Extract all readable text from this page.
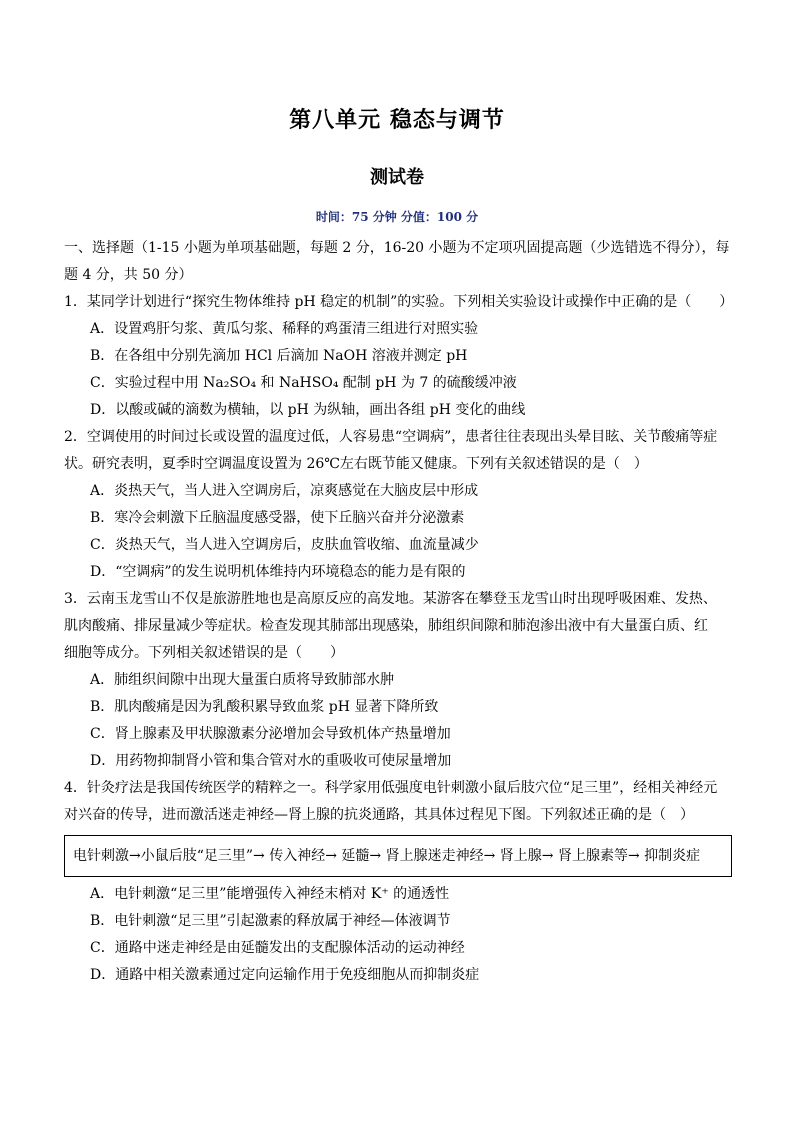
第八单元 稳态与调节
测试卷
时间：75 分钟 分值：100 分
一、选择题（1-15 小题为单项基础题，每题 2 分，16-20 小题为不定项巩固提高题（少选错选不得分），每
题 4 分，共 50 分）
1．某同学计划进行“探究生物体维持 pH 稳定的机制”的实验。下列相关实验设计或操作中正确的是（　　）
A．设置鸡肝匀浆、黄瓜匀浆、稀释的鸡蛋清三组进行对照实验
B．在各组中分别先滴加 HCl 后滴加 NaOH 溶液并测定 pH
C．实验过程中用 Na₂SO₄ 和 NaHSO₄ 配制 pH 为 7 的硫酸缓冲液
D．以酸或碱的滴数为横轴，以 pH 为纵轴，画出各组 pH 变化的曲线
2．空调使用的时间过长或设置的温度过低，人容易患“空调病”，患者往往表现出头晕目眩、关节酸痛等症
状。研究表明，夏季时空调温度设置为 26℃左右既节能又健康。下列有关叙述错误的是（　）
A．炎热天气，当人进入空调房后，凉爽感觉在大脑皮层中形成
B．寒冷会刺激下丘脑温度感受器，使下丘脑兴奋并分泌激素
C．炎热天气，当人进入空调房后，皮肤血管收缩、血流量减少
D．“空调病”的发生说明机体维持内环境稳态的能力是有限的
3．云南玉龙雪山不仅是旅游胜地也是高原反应的高发地。某游客在攀登玉龙雪山时出现呼吸困难、发热、
肌肉酸痛、排尿量减少等症状。检查发现其肺部出现感染，肺组织间隙和肺泡渗出液中有大量蛋白质、红
细胞等成分。下列相关叙述错误的是（　　）
A．肺组织间隙中出现大量蛋白质将导致肺部水肿
B．肌肉酸痛是因为乳酸积累导致血浆 pH 显著下降所致
C．肾上腺素及甲状腺激素分泌增加会导致机体产热量增加
D．用药物抑制肾小管和集合管对水的重吸收可使尿量增加
4．针灸疗法是我国传统医学的精粹之一。科学家用低强度电针刺激小鼠后肢穴位“足三里”，经相关神经元
对兴奋的传导，进而激活迷走神经—肾上腺的抗炎通路，其具体过程见下图。下列叙述正确的是（　）
电针刺激→小鼠后肢“足三里”→ 传入神经→ 延髓→ 肾上腺迷走神经→ 肾上腺→ 肾上腺素等→ 抑制炎症
A．电针刺激“足三里”能增强传入神经末梢对 K⁺ 的通透性
B．电针刺激“足三里”引起激素的释放属于神经—体液调节
C．通路中迷走神经是由延髓发出的支配腺体活动的运动神经
D．通路中相关激素通过定向运输作用于免疫细胞从而抑制炎症
